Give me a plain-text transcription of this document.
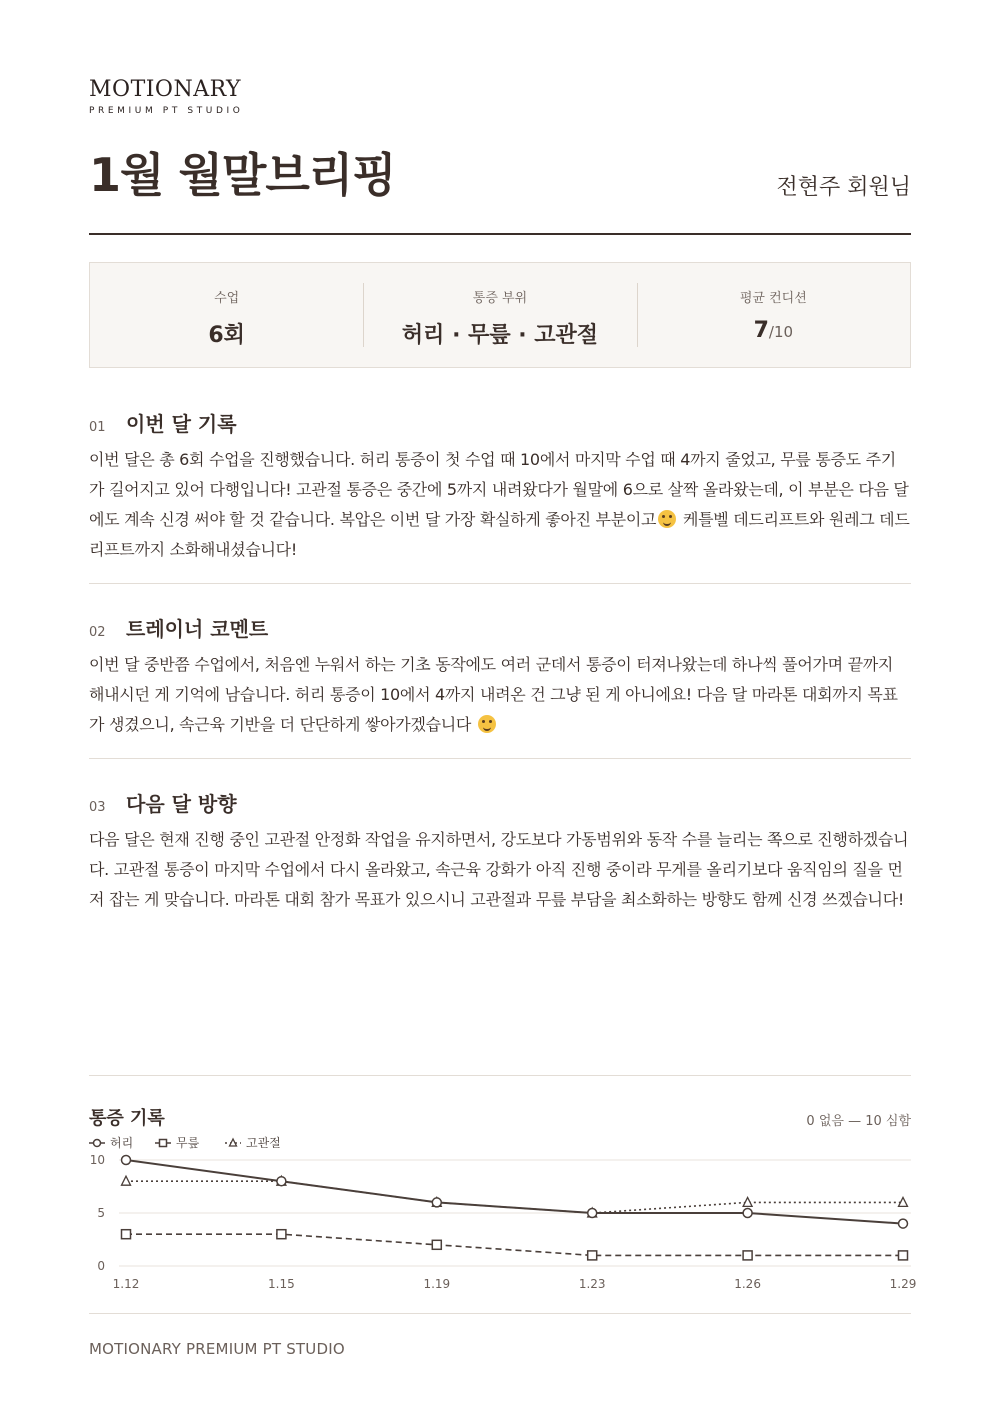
MOTIONARY
PREMIUM PT STUDIO
1월 월말브리핑	전현주 회원님
수업
6회
통증 부위
허리 · 무릎 · 고관절
평균 컨디션
7/10
01	이번 달 기록
이번 달은 총 6회 수업을 진행했습니다. 허리 통증이 첫 수업 때 10에서 마지막 수업 때 4까지 줄었고, 무릎 통증도 주기가 길어지고 있어 다행입니다! 고관절 통증은 중간에 5까지 내려왔다가 월말에 6으로 살짝 올라왔는데, 이 부분은 다음 달에도 계속 신경 써야 할 것 같습니다. 복압은 이번 달 가장 확실하게 좋아진 부분이고 케틀벨 데드리프트와 원레그 데드리프트까지 소화해내셨습니다!
02	트레이너 코멘트
이번 달 중반쯤 수업에서, 처음엔 누워서 하는 기초 동작에도 여러 군데서 통증이 터져나왔는데 하나씩 풀어가며 끝까지 해내시던 게 기억에 남습니다. 허리 통증이 10에서 4까지 내려온 건 그냥 된 게 아니에요! 다음 달 마라톤 대회까지 목표가 생겼으니, 속근육 기반을 더 단단하게 쌓아가겠습니다
03	다음 달 방향
다음 달은 현재 진행 중인 고관절 안정화 작업을 유지하면서, 강도보다 가동범위와 동작 수를 늘리는 쪽으로 진행하겠습니다. 고관절 통증이 마지막 수업에서 다시 올라왔고, 속근육 강화가 아직 진행 중이라 무게를 올리기보다 움직임의 질을 먼저 잡는 게 맞습니다. 마라톤 대회 참가 목표가 있으시니 고관절과 무릎 부담을 최소화하는 방향도 함께 신경 쓰겠습니다!
통증 기록	0 없음 — 10 심함
허리	무릎	고관절
0
5
10
1.12	1.15	1.19	1.23	1.26	1.29
MOTIONARY PREMIUM PT STUDIO
